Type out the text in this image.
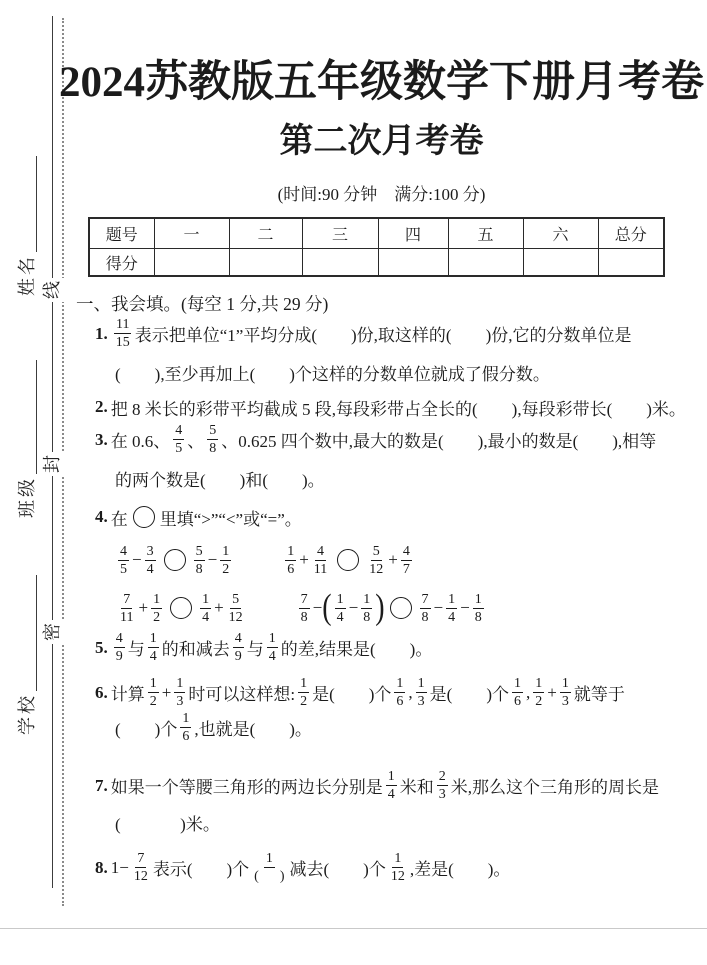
姓名
班级
学校
线
封
密
2024苏教版五年级数学下册月考卷
第二次月考卷
(时间:90 分钟　满分:100 分)
题号	一	二	三	四	五	六	总分
得分							
一、我会填。(每空 1 分,共 29 分)
1. $\frac{11}{15}$ 表示把单位“1”平均分成(        )份,取这样的(        )份,它的分数单位是
(        ),至少再加上(        )个这样的分数单位就成了假分数。
2. 把 8 米长的彩带平均截成 5 段,每段彩带占全长的(        ),每段彩带长(        )米。
3. 在 0.6、 $\frac{4}{5}$ 、 $\frac{5}{8}$ 、0.625 四个数中,最大的数是(        ),最小的数是(        ),相等
的两个数是(        )和(        )。
4. 在 里填“>”“<”或“=”。
$\frac{4}{5} - \frac{3}{4}$	$\frac{5}{8} - \frac{1}{2}$	$\frac{1}{6} + \frac{4}{11}$	$\frac{5}{12} + \frac{4}{7}$
$\frac{7}{11} + \frac{1}{2}$	$\frac{1}{4} + \frac{5}{12}$	$\frac{7}{8}$ − ( $\frac{1}{4} - \frac{1}{8}$ )	$\frac{7}{8} - \frac{1}{4} - \frac{1}{8}$
5. $\frac{4}{9}$ 与 $\frac{1}{4}$ 的和减去 $\frac{4}{9}$ 与 $\frac{1}{4}$ 的差,结果是(        )。
6. 计算 $\frac{1}{2} + \frac{1}{3}$ 时可以这样想: $\frac{1}{2}$ 是(        )个 $\frac{1}{6}$ , $\frac{1}{3}$ 是(        )个 $\frac{1}{6}$ , $\frac{1}{2} + \frac{1}{3}$ 就等于
(        )个 $\frac{1}{6}$ ,也就是(        )。
7. 如果一个等腰三角形的两边长分别是 $\frac{1}{4}$ 米和 $\frac{2}{3}$ 米,那么这个三角形的周长是
(              )米。
8. $1- \frac{7}{12}$ 表示(        )个 $\frac{1}{( )}$ 减去(        )个 $\frac{1}{12}$ ,差是(        )。
